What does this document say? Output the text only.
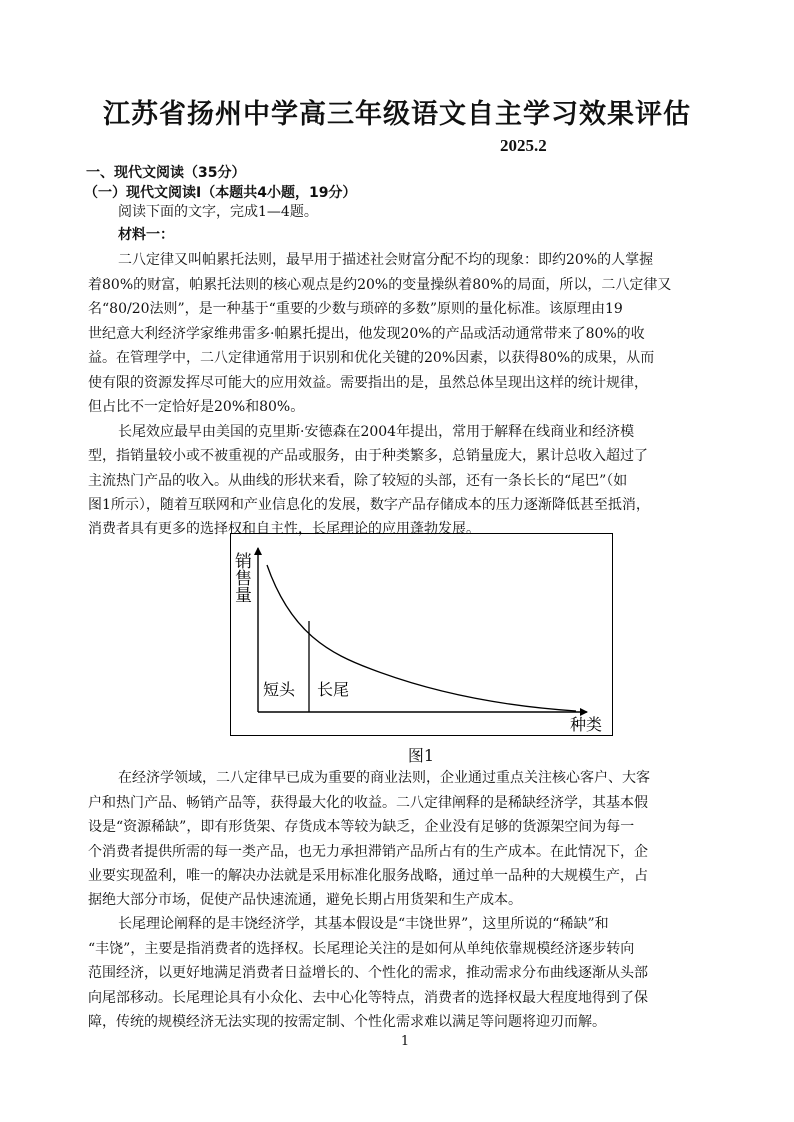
江苏省扬州中学高三年级语文自主学习效果评估
2025.2
一、现代文阅读（35分）
（一）现代文阅读Ⅰ（本题共4小题，19分）
阅读下面的文字，完成1—4题。
材料一：
二八定律又叫帕累托法则，最早用于描述社会财富分配不均的现象：即约20%的人掌握
着80%的财富，帕累托法则的核心观点是约20%的变量操纵着80%的局面，所以，二八定律又
名“80/20法则”，是一种基于“重要的少数与琐碎的多数”原则的量化标准。该原理由19
世纪意大利经济学家维弗雷多·帕累托提出，他发现20%的产品或活动通常带来了80%的收
益。在管理学中，二八定律通常用于识别和优化关键的20%因素，以获得80%的成果，从而
使有限的资源发挥尽可能大的应用效益。需要指出的是，虽然总体呈现出这样的统计规律，
但占比不一定恰好是20%和80%。
长尾效应最早由美国的克里斯·安德森在2004年提出，常用于解释在线商业和经济模
型，指销量较小或不被重视的产品或服务，由于种类繁多，总销量庞大，累计总收入超过了
主流热门产品的收入。从曲线的形状来看，除了较短的头部，还有一条长长的“尾巴”（如
图1所示），随着互联网和产业信息化的发展，数字产品存储成本的压力逐渐降低甚至抵消，
消费者具有更多的选择权和自主性，长尾理论的应用蓬勃发展。
销
售
量
短头 长尾
种类
图1
在经济学领域，二八定律早已成为重要的商业法则，企业通过重点关注核心客户、大客
户和热门产品、畅销产品等，获得最大化的收益。二八定律阐释的是稀缺经济学，其基本假
设是“资源稀缺”，即有形货架、存货成本等较为缺乏，企业没有足够的货源架空间为每一
个消费者提供所需的每一类产品，也无力承担滞销产品所占有的生产成本。在此情况下，企
业要实现盈利，唯一的解决办法就是采用标准化服务战略，通过单一品种的大规模生产，占
据绝大部分市场，促使产品快速流通，避免长期占用货架和生产成本。
长尾理论阐释的是丰饶经济学，其基本假设是“丰饶世界”，这里所说的“稀缺”和
“丰饶”，主要是指消费者的选择权。长尾理论关注的是如何从单纯依靠规模经济逐步转向
范围经济，以更好地满足消费者日益增长的、个性化的需求，推动需求分布曲线逐渐从头部
向尾部移动。长尾理论具有小众化、去中心化等特点，消费者的选择权最大程度地得到了保
障，传统的规模经济无法实现的按需定制、个性化需求难以满足等问题将迎刃而解。
1
